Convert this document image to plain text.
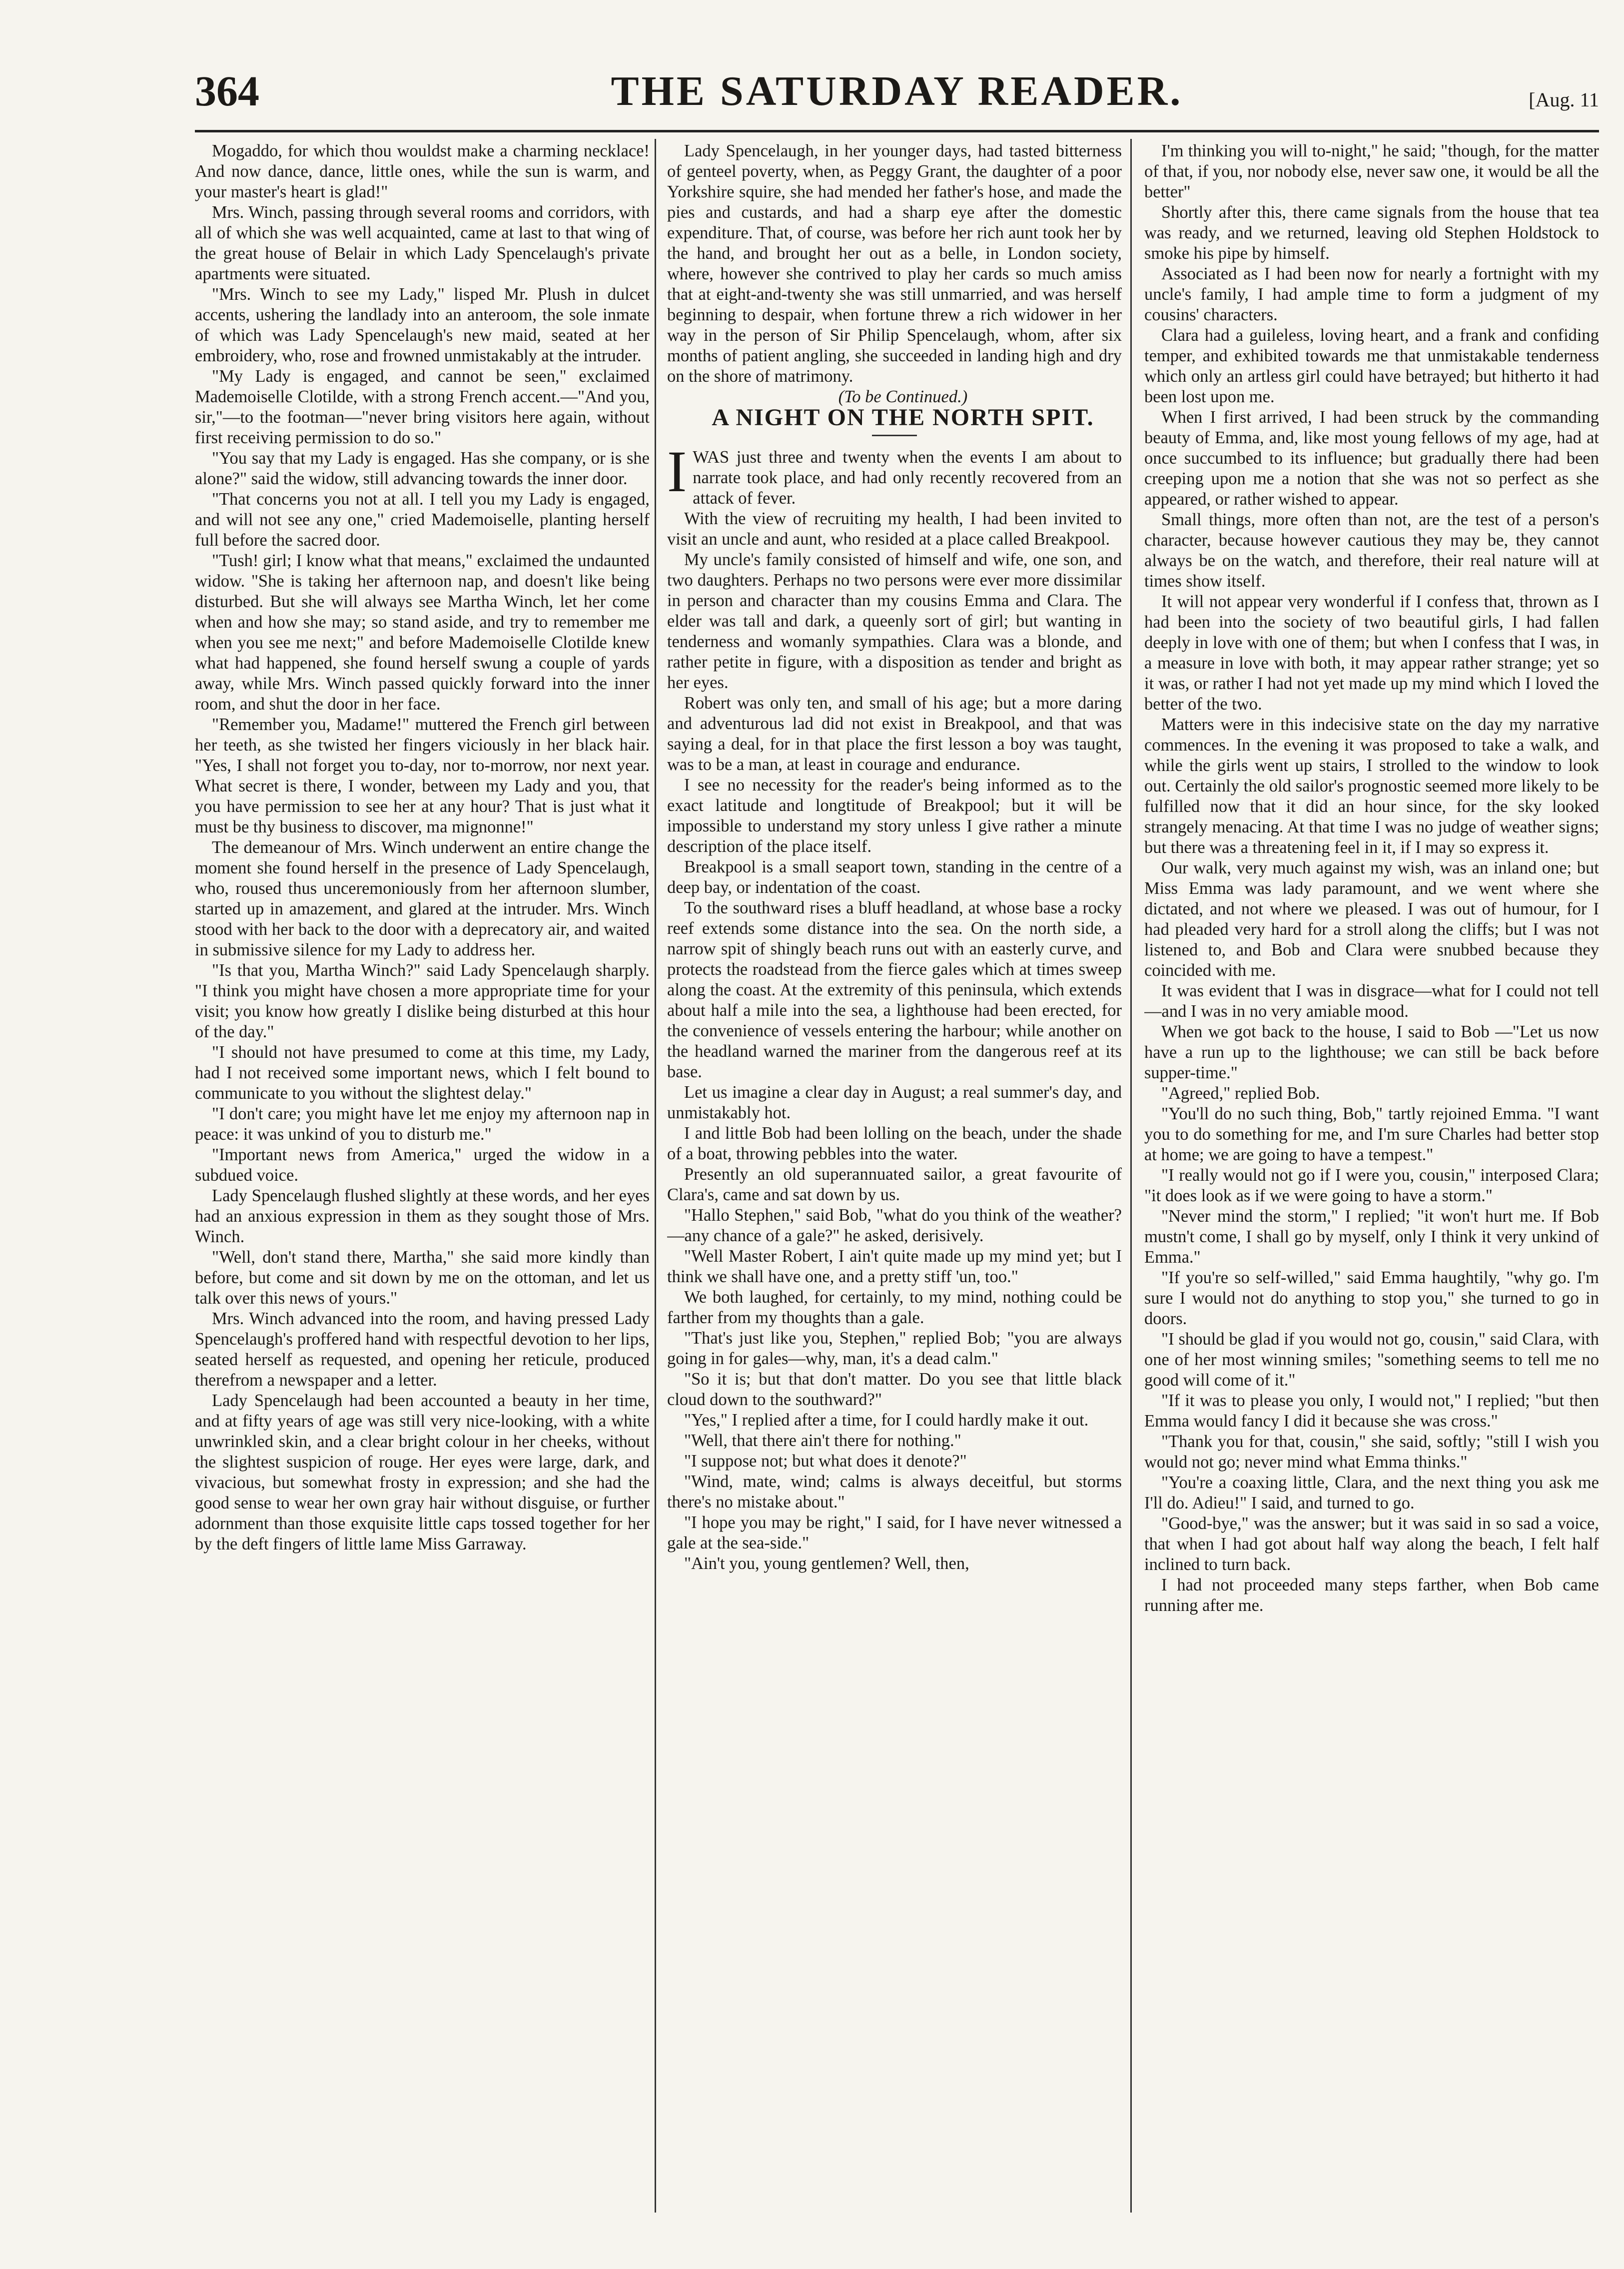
364	THE SATURDAY READER.	[Aug. 11

Mogaddo, for which thou wouldst make a charming necklace! And now dance, dance, little ones, while the sun is warm, and your master's heart is glad!"

Mrs. Winch, passing through several rooms and corridors, with all of which she was well acquainted, came at last to that wing of the great house of Belair in which Lady Spencelaugh's private apartments were situated.

"Mrs. Winch to see my Lady," lisped Mr. Plush in dulcet accents, ushering the landlady into an anteroom, the sole inmate of which was Lady Spencelaugh's new maid, seated at her embroidery, who, rose and frowned unmistakably at the intruder.

"My Lady is engaged, and cannot be seen," exclaimed Mademoiselle Clotilde, with a strong French accent.—"And you, sir,"—to the footman—"never bring visitors here again, without first receiving permission to do so."

"You say that my Lady is engaged. Has she company, or is she alone?" said the widow, still advancing towards the inner door.

"That concerns you not at all. I tell you my Lady is engaged, and will not see any one," cried Mademoiselle, planting herself full before the sacred door.

"Tush! girl; I know what that means," exclaimed the undaunted widow. "She is taking her afternoon nap, and doesn't like being disturbed. But she will always see Martha Winch, let her come when and how she may; so stand aside, and try to remember me when you see me next;" and before Mademoiselle Clotilde knew what had happened, she found herself swung a couple of yards away, while Mrs. Winch passed quickly forward into the inner room, and shut the door in her face.

"Remember you, Madame!" muttered the French girl between her teeth, as she twisted her fingers viciously in her black hair. "Yes, I shall not forget you to-day, nor to-morrow, nor next year. What secret is there, I wonder, between my Lady and you, that you have permission to see her at any hour? That is just what it must be thy business to discover, ma mignonne!"

The demeanour of Mrs. Winch underwent an entire change the moment she found herself in the presence of Lady Spencelaugh, who, roused thus unceremoniously from her afternoon slumber, started up in amazement, and glared at the intruder. Mrs. Winch stood with her back to the door with a deprecatory air, and waited in submissive silence for my Lady to address her.

"Is that you, Martha Winch?" said Lady Spencelaugh sharply. "I think you might have chosen a more appropriate time for your visit; you know how greatly I dislike being disturbed at this hour of the day."

"I should not have presumed to come at this time, my Lady, had I not received some important news, which I felt bound to communicate to you without the slightest delay."

"I don't care; you might have let me enjoy my afternoon nap in peace: it was unkind of you to disturb me."

"Important news from America," urged the widow in a subdued voice.

Lady Spencelaugh flushed slightly at these words, and her eyes had an anxious expression in them as they sought those of Mrs. Winch.

"Well, don't stand there, Martha," she said more kindly than before, but come and sit down by me on the ottoman, and let us talk over this news of yours."

Mrs. Winch advanced into the room, and having pressed Lady Spencelaugh's proffered hand with respectful devotion to her lips, seated herself as requested, and opening her reticule, produced therefrom a newspaper and a letter.

Lady Spencelaugh had been accounted a beauty in her time, and at fifty years of age was still very nice-looking, with a white unwrinkled skin, and a clear bright colour in her cheeks, without the slightest suspicion of rouge. Her eyes were large, dark, and vivacious, but somewhat frosty in expression; and she had the good sense to wear her own gray hair without disguise, or further adornment than those exquisite little caps tossed together for her by the deft fingers of little lame Miss Garraway.

Lady Spencelaugh, in her younger days, had tasted bitterness of genteel poverty, when, as Peggy Grant, the daughter of a poor Yorkshire squire, she had mended her father's hose, and made the pies and custards, and had a sharp eye after the domestic expenditure. That, of course, was before her rich aunt took her by the hand, and brought her out as a belle, in London society, where, however she contrived to play her cards so much amiss that at eight-and-twenty she was still unmarried, and was herself beginning to despair, when fortune threw a rich widower in her way in the person of Sir Philip Spencelaugh, whom, after six months of patient angling, she succeeded in landing high and dry on the shore of matrimony.

(To be Continued.)

A NIGHT ON THE NORTH SPIT.

IWAS just three and twenty when the events I am about to narrate took place, and had only recently recovered from an attack of fever.

With the view of recruiting my health, I had been invited to visit an uncle and aunt, who resided at a place called Breakpool.

My uncle's family consisted of himself and wife, one son, and two daughters. Perhaps no two persons were ever more dissimilar in person and character than my cousins Emma and Clara. The elder was tall and dark, a queenly sort of girl; but wanting in tenderness and womanly sympathies. Clara was a blonde, and rather petite in figure, with a disposition as tender and bright as her eyes.

Robert was only ten, and small of his age; but a more daring and adventurous lad did not exist in Breakpool, and that was saying a deal, for in that place the first lesson a boy was taught, was to be a man, at least in courage and endurance.

I see no necessity for the reader's being informed as to the exact latitude and longtitude of Breakpool; but it will be impossible to understand my story unless I give rather a minute description of the place itself.

Breakpool is a small seaport town, standing in the centre of a deep bay, or indentation of the coast.

To the southward rises a bluff headland, at whose base a rocky reef extends some distance into the sea. On the north side, a narrow spit of shingly beach runs out with an easterly curve, and protects the roadstead from the fierce gales which at times sweep along the coast. At the extremity of this peninsula, which extends about half a mile into the sea, a lighthouse had been erected, for the convenience of vessels entering the harbour; while another on the headland warned the mariner from the dangerous reef at its base.

Let us imagine a clear day in August; a real summer's day, and unmistakably hot.

I and little Bob had been lolling on the beach, under the shade of a boat, throwing pebbles into the water.

Presently an old superannuated sailor, a great favourite of Clara's, came and sat down by us.

"Hallo Stephen," said Bob, "what do you think of the weather?—any chance of a gale?" he asked, derisively.

"Well Master Robert, I ain't quite made up my mind yet; but I think we shall have one, and a pretty stiff 'un, too."

We both laughed, for certainly, to my mind, nothing could be farther from my thoughts than a gale.

"That's just like you, Stephen," replied Bob; "you are always going in for gales—why, man, it's a dead calm."

"So it is; but that don't matter. Do you see that little black cloud down to the southward?"

"Yes," I replied after a time, for I could hardly make it out.

"Well, that there ain't there for nothing."

"I suppose not; but what does it denote?"

"Wind, mate, wind; calms is always deceitful, but storms there's no mistake about."

"I hope you may be right," I said, for I have never witnessed a gale at the sea-side."

"Ain't you, young gentlemen? Well, then,

I'm thinking you will to-night," he said; "though, for the matter of that, if you, nor nobody else, never saw one, it would be all the better"

Shortly after this, there came signals from the house that tea was ready, and we returned, leaving old Stephen Holdstock to smoke his pipe by himself.

Associated as I had been now for nearly a fortnight with my uncle's family, I had ample time to form a judgment of my cousins' characters.

Clara had a guileless, loving heart, and a frank and confiding temper, and exhibited towards me that unmistakable tenderness which only an artless girl could have betrayed; but hitherto it had been lost upon me.

When I first arrived, I had been struck by the commanding beauty of Emma, and, like most young fellows of my age, had at once succumbed to its influence; but gradually there had been creeping upon me a notion that she was not so perfect as she appeared, or rather wished to appear.

Small things, more often than not, are the test of a person's character, because however cautious they may be, they cannot always be on the watch, and therefore, their real nature will at times show itself.

It will not appear very wonderful if I confess that, thrown as I had been into the society of two beautiful girls, I had fallen deeply in love with one of them; but when I confess that I was, in a measure in love with both, it may appear rather strange; yet so it was, or rather I had not yet made up my mind which I loved the better of the two.

Matters were in this indecisive state on the day my narrative commences. In the evening it was proposed to take a walk, and while the girls went up stairs, I strolled to the window to look out. Certainly the old sailor's prognostic seemed more likely to be fulfilled now that it did an hour since, for the sky looked strangely menacing. At that time I was no judge of weather signs; but there was a threatening feel in it, if I may so express it.

Our walk, very much against my wish, was an inland one; but Miss Emma was lady paramount, and we went where she dictated, and not where we pleased. I was out of humour, for I had pleaded very hard for a stroll along the cliffs; but I was not listened to, and Bob and Clara were snubbed because they coincided with me.

It was evident that I was in disgrace—what for I could not tell—and I was in no very amiable mood.

When we got back to the house, I said to Bob —"Let us now have a run up to the lighthouse; we can still be back before supper-time."

"Agreed," replied Bob.

"You'll do no such thing, Bob," tartly rejoined Emma. "I want you to do something for me, and I'm sure Charles had better stop at home; we are going to have a tempest."

"I really would not go if I were you, cousin," interposed Clara; "it does look as if we were going to have a storm."

"Never mind the storm," I replied; "it won't hurt me. If Bob mustn't come, I shall go by myself, only I think it very unkind of Emma."

"If you're so self-willed," said Emma haughtily, "why go. I'm sure I would not do anything to stop you," she turned to go in doors.

"I should be glad if you would not go, cousin," said Clara, with one of her most winning smiles; "something seems to tell me no good will come of it."

"If it was to please you only, I would not," I replied; "but then Emma would fancy I did it because she was cross."

"Thank you for that, cousin," she said, softly; "still I wish you would not go; never mind what Emma thinks."

"You're a coaxing little, Clara, and the next thing you ask me I'll do. Adieu!" I said, and turned to go.

"Good-bye," was the answer; but it was said in so sad a voice, that when I had got about half way along the beach, I felt half inclined to turn back.

I had not proceeded many steps farther, when Bob came running after me.
